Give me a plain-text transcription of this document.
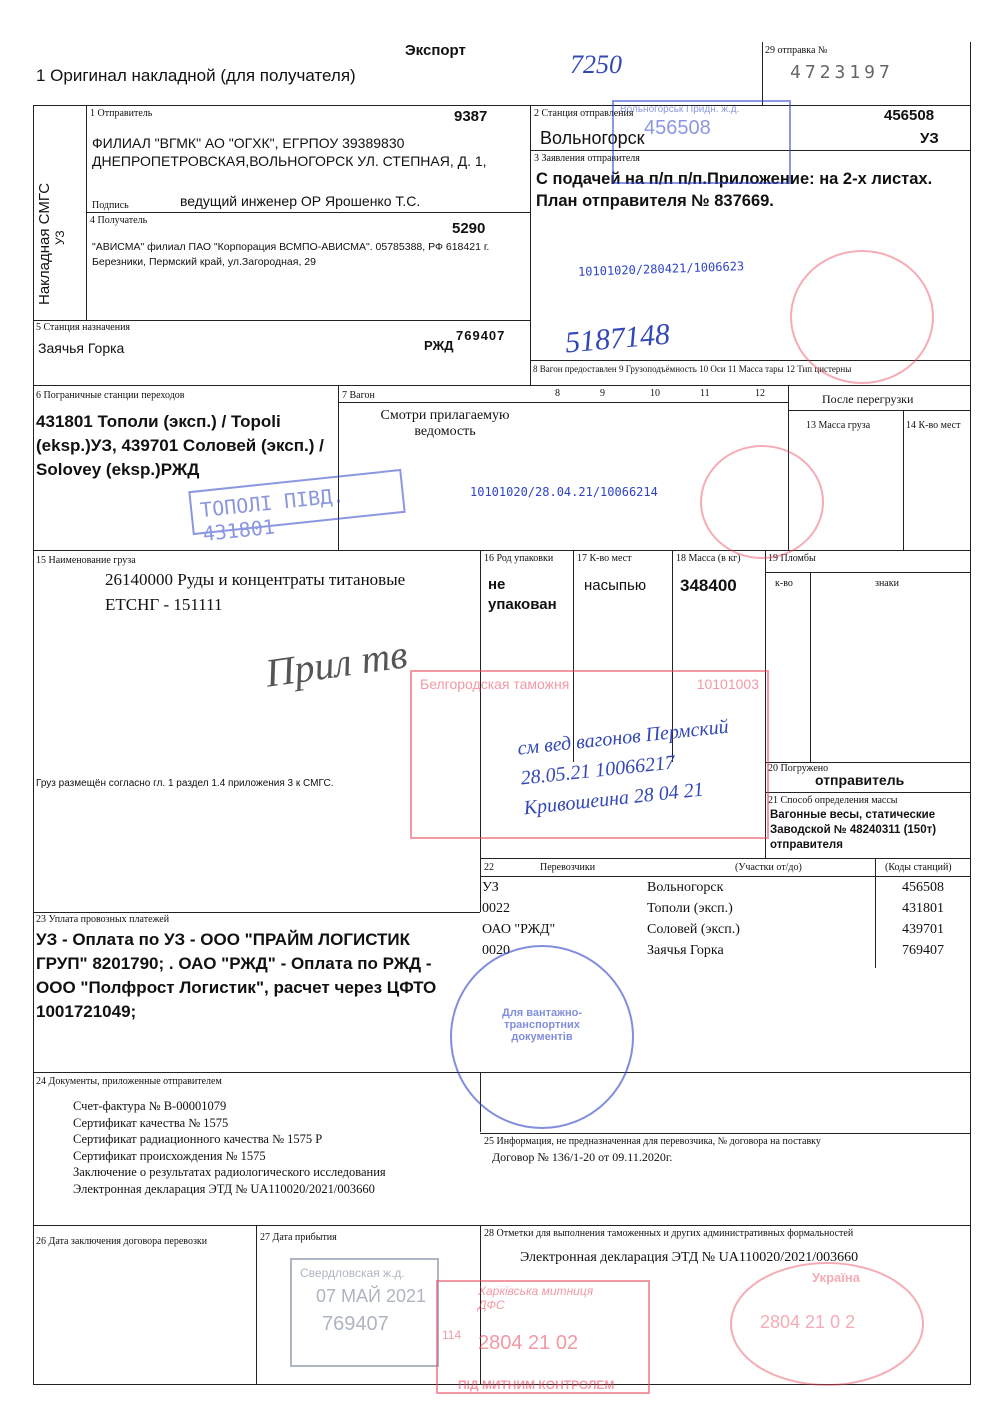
Экспорт
1 Оригинал накладной (для получателя)
29 отправка №
4723197
7250
Накладная СМГС УЗ
1 Отправитель	9387
ФИЛИАЛ "ВГМК" АО "ОГХК", ЕГРПОУ 39389830 ДНЕПРОПЕТРОВСКАЯ,ВОЛЬНОГОРСК УЛ. СТЕПНАЯ, Д. 1,
Подпись	ведущий инженер ОР Ярошенко Т.С.
4 Получатель	5290
"АВИСМА" филиал ПАО "Корпорация ВСМПО-АВИСМА". 05785388, РФ 618421 г. Березники, Пермский край, ул.Загородная, 29
5 Станция назначения
Заячья Горка	РЖД
769407 5187148
2 Станция отправления	456508
Вольногорск	УЗ
3 Заявления отправителя
С подачей на п/п п/п.Приложение: на 2-х листах. План отправителя № 837669.
10101020/280421/1006623
8 Вагон предоставлен 9 Грузоподъёмность 10 Оси 11 Масса тары 12 Тип цистерны
6 Пограничные станции переходов
431801 Тополи (эксп.) / Topoli (eksp.)УЗ, 439701 Соловей (эксп.) / Solovey (eksp.)РЖД
7 Вагон	8	9	10	11	12
Смотри прилагаемую ведомость
После перегрузки
13 Масса груза	14 К-во мест
10101020/28.04.21/10066214
15 Наименование груза
26140000 Руды и концентраты титановые
ЕТСНГ - 151111
Прил тв
Груз размещён согласно гл. 1 раздел 1.4 приложения 3 к СМГС.
16 Род упаковки
не упакован
17 К-во мест
насыпью
18 Масса (в кг)
348400
19 Пломбы
к-во	знаки
20 Погружено
отправитель
21 Способ определения массы
Вагонные весы, статические Заводской № 48240311 (150т) отправителя
22	Перевозчики	(Участки от/до)	(Коды станций)
УЗ	Вольногорск	456508
0022	Тополи (эксп.)	431801
ОАО "РЖД"	Соловей (эксп.)	439701
0020	Заячья Горка	769407
23 Уплата провозных платежей
УЗ - Оплата по УЗ - ООО "ПРАЙМ ЛОГИСТИК ГРУП" 8201790; . ОАО "РЖД" - Оплата по РЖД - ООО "Полфрост Логистик", расчет через ЦФТО 1001721049;
24 Документы, приложенные отправителем
Счет-фактура № В-00001079
Сертификат качества № 1575
Сертификат радиационного качества № 1575 Р
Сертификат происхождения № 1575
Заключение о результатах радиологического исследования
Электронная декларация ЭТД № UA110020/2021/003660
25 Информация, не предназначенная для перевозчика, № договора на поставку
Договор № 136/1-20 от 09.11.2020г.
26 Дата заключения договора перевозки	27 Дата прибытия	28 Отметки для выполнения таможенных и других административных формальностей
Электронная декларация ЭТД № UA110020/2021/003660
Вольногорськ Придн. ж.д.
456508
ТОПОЛІ ПІВД. 431801
Белгородская таможня	10101003
см вед вагонов Пермский 28.05.21 10066217 Кривошеина 28 04 21
Для вантажно-транспортних документів
Свердловская ж.д.
07 МАЙ 2021
769407
Харківська митниця ДФС
2804 21 02
114
ПІД МИТНИМ КОНТРОЛЕМ
Україна
2804 21 0 2
